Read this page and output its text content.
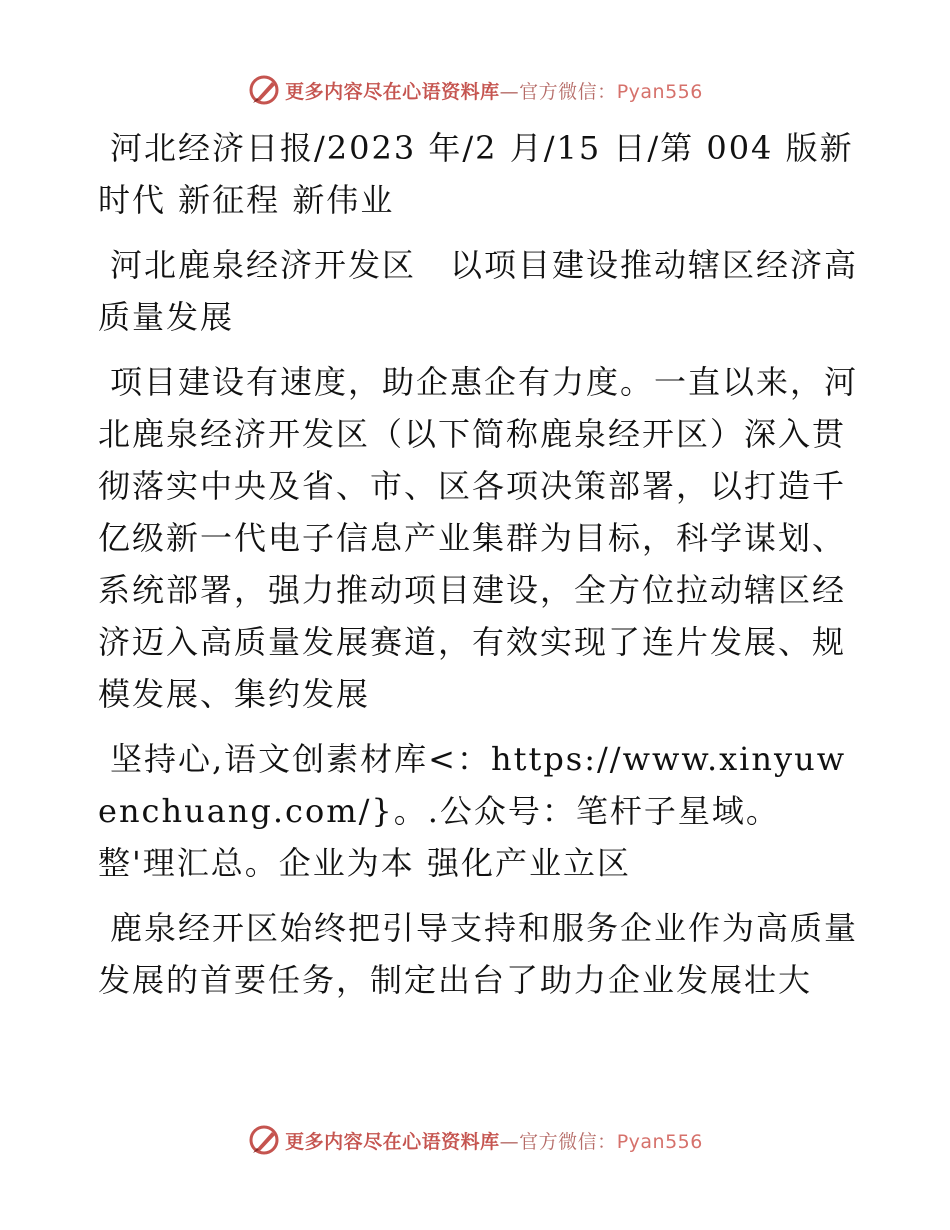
更多内容尽在心语资料库—官方微信：Pyan556

河北经济日报/2023 年/2 月/15 日/第 004 版新时代 新征程 新伟业

河北鹿泉经济开发区　以项目建设推动辖区经济高质量发展

项目建设有速度，助企惠企有力度。一直以来，河北鹿泉经济开发区（以下简称鹿泉经开区）深入贯彻落实中央及省、市、区各项决策部署，以打造千亿级新一代电子信息产业集群为目标，科学谋划、系统部署，强力推动项目建设，全方位拉动辖区经济迈入高质量发展赛道，有效实现了连片发展、规模发展、集约发展

坚持心,语文创素材库<：https://www.xinyuwenchuang.com/}。.公众号：笔杆子星域。整'理汇总。企业为本 强化产业立区

鹿泉经开区始终把引导支持和服务企业作为高质量发展的首要任务，制定出台了助力企业发展壮大

更多内容尽在心语资料库—官方微信：Pyan556
